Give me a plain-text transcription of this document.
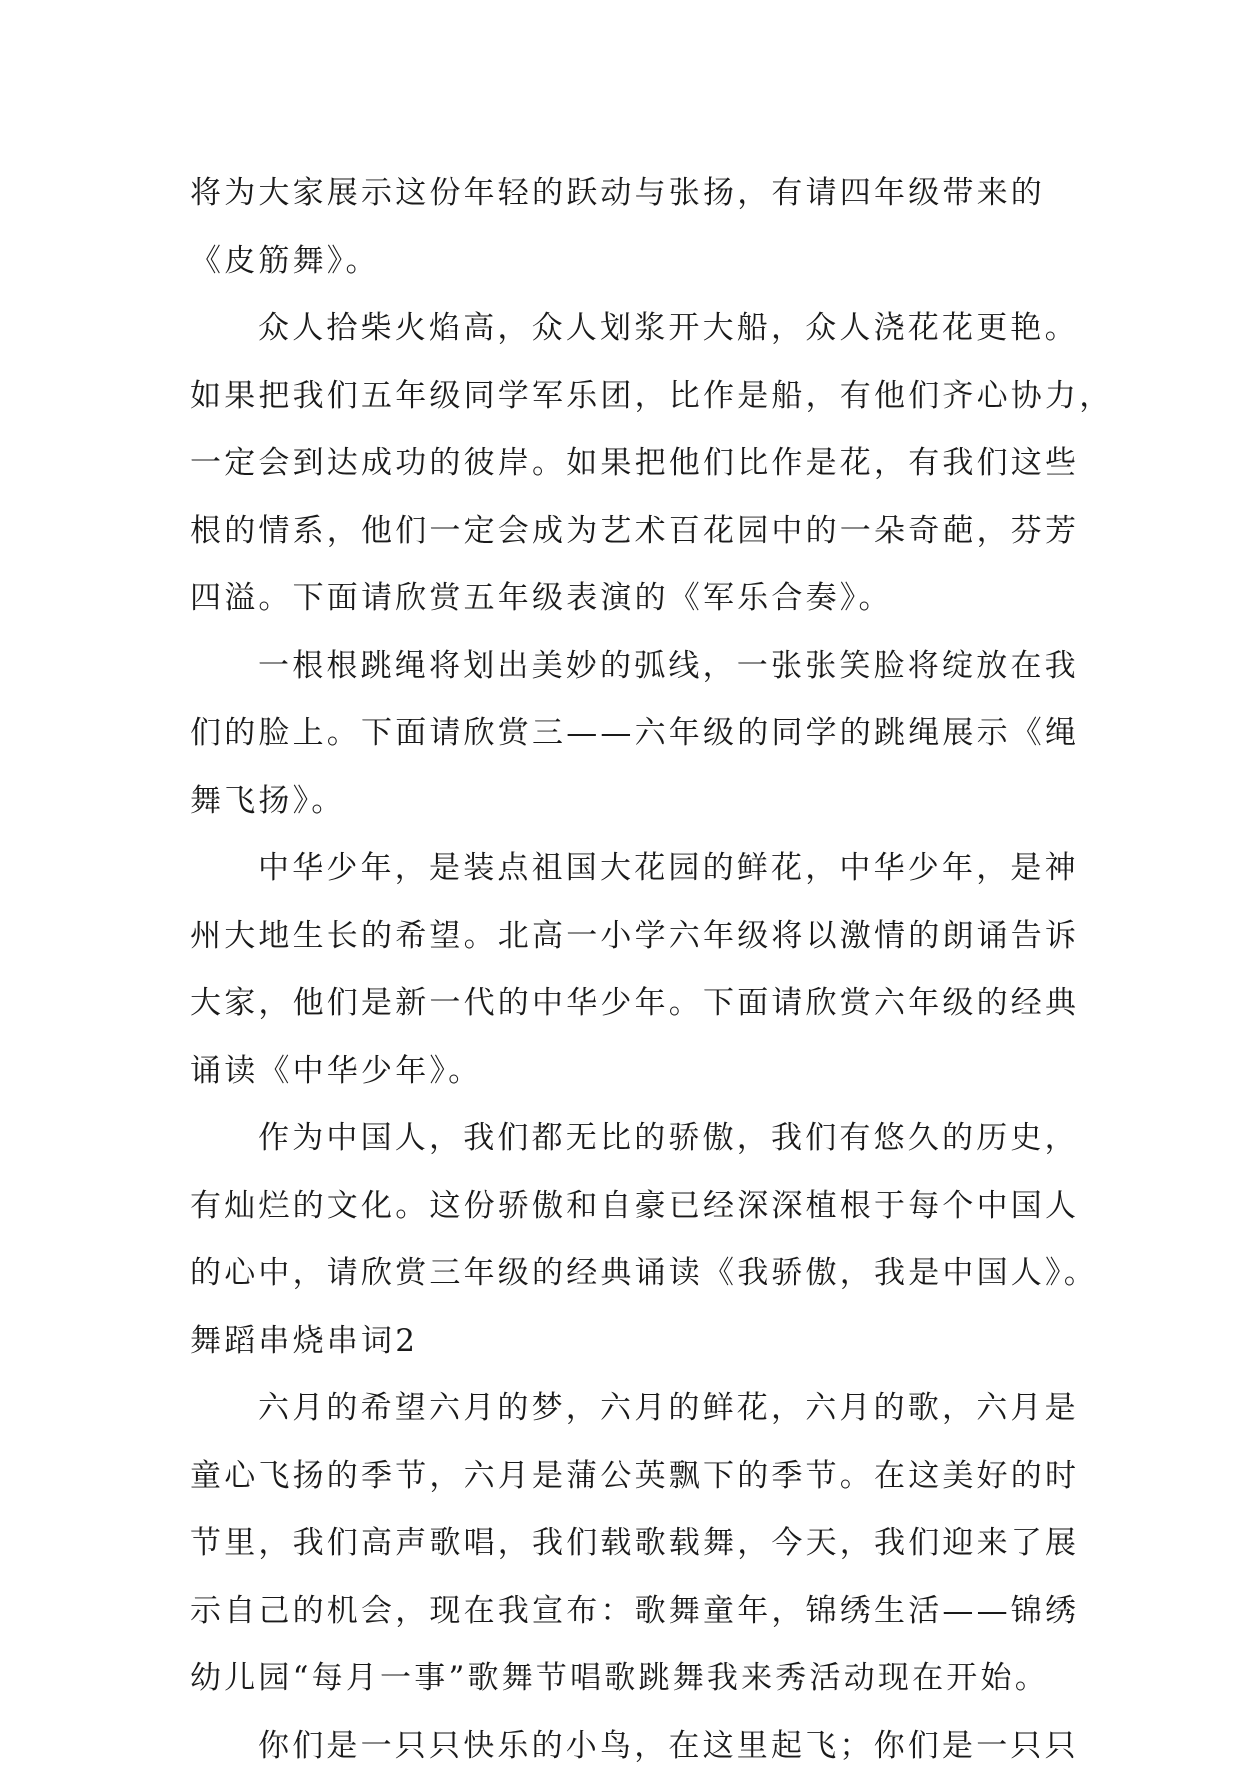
将为大家展示这份年轻的跃动与张扬，有请四年级带来的
《皮筋舞》。
众人拾柴火焰高，众人划浆开大船，众人浇花花更艳。
如果把我们五年级同学军乐团，比作是船，有他们齐心协力，
一定会到达成功的彼岸。如果把他们比作是花，有我们这些
根的情系，他们一定会成为艺术百花园中的一朵奇葩，芬芳
四溢。下面请欣赏五年级表演的《军乐合奏》。
一根根跳绳将划出美妙的弧线，一张张笑脸将绽放在我
们的脸上。下面请欣赏三——六年级的同学的跳绳展示《绳
舞飞扬》。
中华少年，是装点祖国大花园的鲜花，中华少年，是神
州大地生长的希望。北高一小学六年级将以激情的朗诵告诉
大家，他们是新一代的中华少年。下面请欣赏六年级的经典
诵读《中华少年》。
作为中国人，我们都无比的骄傲，我们有悠久的历史，
有灿烂的文化。这份骄傲和自豪已经深深植根于每个中国人
的心中，请欣赏三年级的经典诵读《我骄傲，我是中国人》。
舞蹈串烧串词2
六月的希望六月的梦，六月的鲜花，六月的歌，六月是
童心飞扬的季节，六月是蒲公英飘下的季节。在这美好的时
节里，我们高声歌唱，我们载歌载舞，今天，我们迎来了展
示自己的机会，现在我宣布：歌舞童年，锦绣生活——锦绣
幼儿园“每月一事”歌舞节唱歌跳舞我来秀活动现在开始。
你们是一只只快乐的小鸟，在这里起飞；你们是一只只
